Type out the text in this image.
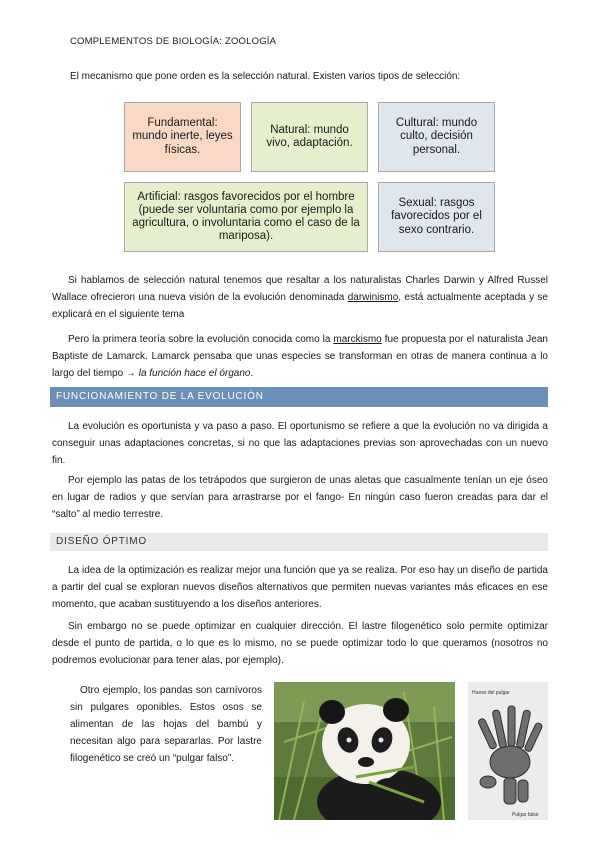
COMPLEMENTOS DE BIOLOGÍA: ZOOLOGÍA
El mecanismo que pone orden es la selección natural. Existen varios tipos de selección:
Fundamental: mundo inerte, leyes físicas.
Natural: mundo vivo, adaptación.
Cultural: mundo culto, decisión personal.
Artificial: rasgos favorecidos por el hombre (puede ser voluntaria como por ejemplo la agricultura, o involuntaria como el caso de la mariposa).
Sexual: rasgos favorecidos por el sexo contrario.
Si hablamos de selección natural tenemos que resaltar a los naturalistas Charles Darwin y Alfred Russel Wallace ofrecieron una nueva visión de la evolución denominada darwinismo, está actualmente aceptada y se explicará en el siguiente tema
Pero la primera teoría sobre la evolución conocida como la marckismo fue propuesta por el naturalista Jean Baptiste de Lamarck. Lamarck pensaba que unas especies se transforman en otras de manera continua a lo largo del tiempo → la función hace el órgano.
FUNCIONAMIENTO DE LA EVOLUCIÓN
La evolución es oportunista y va paso a paso. El oportunismo se refiere a que la evolución no va dirigida a conseguir unas adaptaciones concretas, si no que las adaptaciones previas son aprovechadas con un nuevo fin.
Por ejemplo las patas de los tetrápodos que surgieron de unas aletas que casualmente tenían un eje óseo en lugar de radios y que servían para arrastrarse por el fango- En ningún caso fueron creadas para dar el “salto” al medio terrestre.
DISEÑO ÓPTIMO
La idea de la optimización es realizar mejor una función que ya se realiza. Por eso hay un diseño de partida a partir del cual se exploran nuevos diseños alternativos que permiten nuevas variantes más eficaces en ese momento, que acaban sustituyendo a los diseños anteriores.
Sin embargo no se puede optimizar en cualquier dirección. El lastre filogenético solo permite optimizar desde el punto de partida, o lo que es lo mismo, no se puede optimizar todo lo que queramos (nosotros no podremos evolucionar para tener alas, por ejemplo).
Otro ejemplo, los pandas son carnívoros sin pulgares oponibles. Estos osos se alimentan de las hojas del bambú y necesitan algo para separarlas. Por lastre filogenético se creó un “pulgar falso”.
Hueso del pulgar
Pulgar falso
